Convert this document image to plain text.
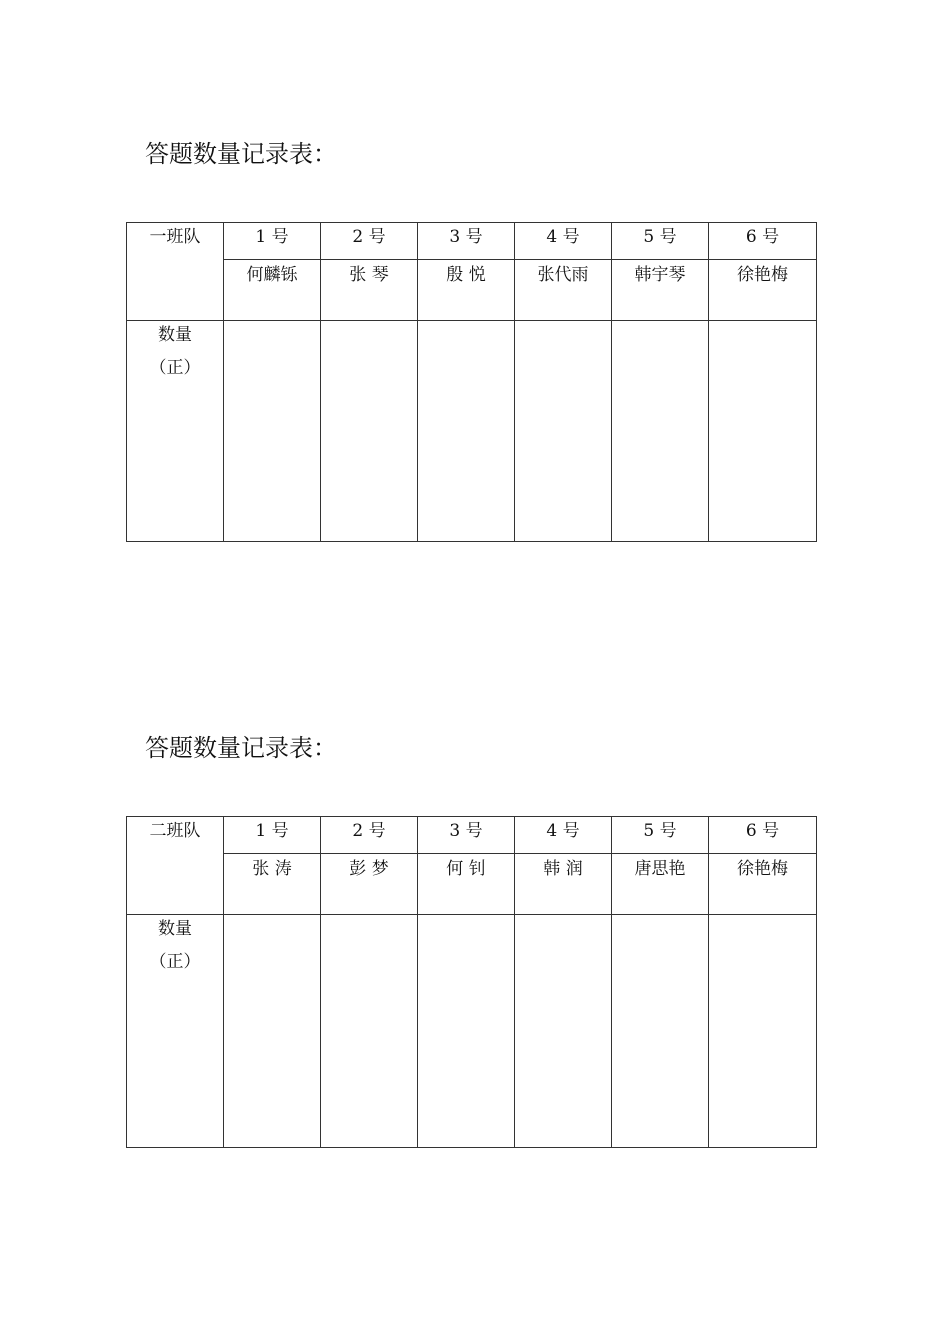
答题数量记录表：
一班队	1 号	2 号	3 号	4 号	5 号	6 号
	何麟铄	张 琴	殷 悦	张代雨	韩宇琴	徐艳梅

数量
（正）						

答题数量记录表：
二班队	1 号	2 号	3 号	4 号	5 号	6 号
	张 涛	彭 梦	何 钊	韩 润	唐思艳	徐艳梅

数量
（正）						
